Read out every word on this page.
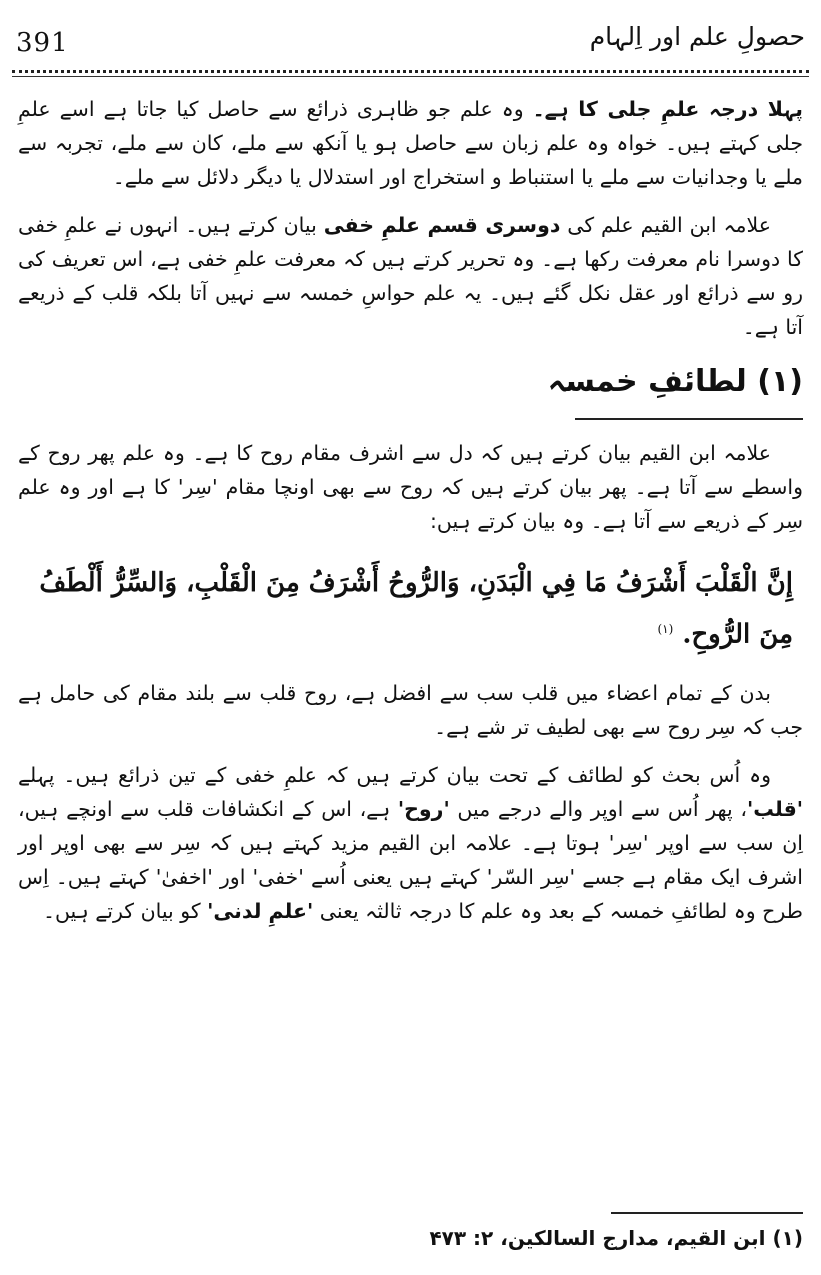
391	حصولِ علم اور اِلہام

پہلا درجہ علمِ جلی کا ہے۔ وہ علم جو ظاہری ذرائع سے حاصل کیا جاتا ہے اسے علمِ جلی کہتے ہیں۔ خواہ وہ علم زبان سے حاصل ہو یا آنکھ سے ملے، کان سے ملے، تجربہ سے ملے یا وجدانیات سے ملے یا استنباط و استخراج اور استدلال یا دیگر دلائل سے ملے۔

علامہ ابن القیم علم کی دوسری قسم علمِ خفی بیان کرتے ہیں۔ انہوں نے علمِ خفی کا دوسرا نام معرفت رکھا ہے۔ وہ تحریر کرتے ہیں کہ معرفت علمِ خفی ہے، اس تعریف کی رو سے ذرائع اور عقل نکل گئے ہیں۔ یہ علم حواسِ خمسہ سے نہیں آتا بلکہ قلب کے ذریعے آتا ہے۔

(۱) لطائفِ خمسہ

علامہ ابن القیم بیان کرتے ہیں کہ دل سے اشرف مقام روح کا ہے۔ وہ علم پھر روح کے واسطے سے آتا ہے۔ پھر بیان کرتے ہیں کہ روح سے بھی اونچا مقام 'سِر' کا ہے اور وہ علم سِر کے ذریعے سے آتا ہے۔ وہ بیان کرتے ہیں:

إِنَّ الْقَلْبَ أَشْرَفُ مَا فِي الْبَدَنِ، وَالرُّوحُ أَشْرَفُ مِنَ الْقَلْبِ، وَالسِّرُّ أَلْطَفُ مِنَ الرُّوحِ. $^{(۱)}$

بدن کے تمام اعضاء میں قلب سب سے افضل ہے، روح قلب سے بلند مقام کی حامل ہے جب کہ سِر روح سے بھی لطیف تر شے ہے۔

وہ اُس بحث کو لطائف کے تحت بیان کرتے ہیں کہ علمِ خفی کے تین ذرائع ہیں۔ پہلے 'قلب'، پھر اُس سے اوپر والے درجے میں 'روح' ہے، اس کے انکشافات قلب سے اونچے ہیں، اِن سب سے اوپر 'سِر' ہوتا ہے۔ علامہ ابن القیم مزید کہتے ہیں کہ سِر سے بھی اوپر اور اشرف ایک مقام ہے جسے 'سِر السّر' کہتے ہیں یعنی اُسے 'خفی' اور 'اخفیٰ' کہتے ہیں۔ اِس طرح وہ لطائفِ خمسہ کے بعد وہ علم کا درجہ ثالثہ یعنی 'علمِ لدنی' کو بیان کرتے ہیں۔

(۱) ابن القیم، مدارج السالکین، ۲: ۴۷۳
